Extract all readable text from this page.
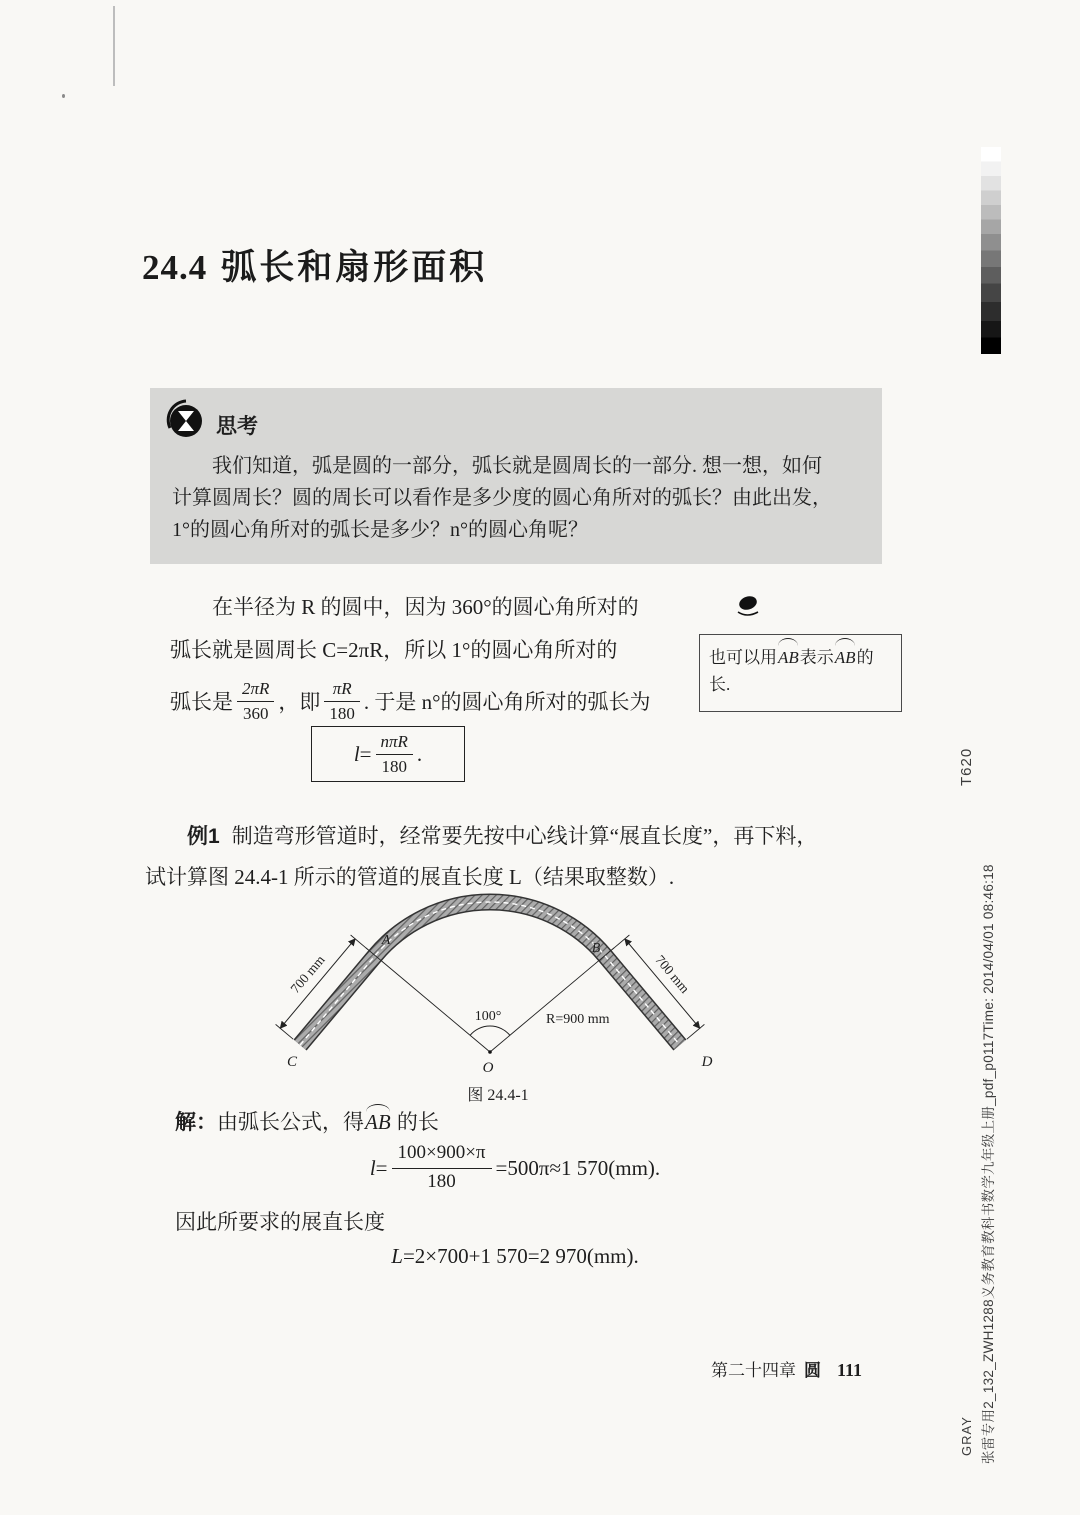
24.4 弧长和扇形面积
思考
我们知道，弧是圆的一部分，弧长就是圆周长的一部分. 想一想，如何计算圆周长？圆的周长可以看作是多少度的圆心角所对的弧长？由此出发，1°的圆心角所对的弧长是多少？n°的圆心角呢？
在半径为 R 的圆中，因为 360°的圆心角所对的
弧长就是圆周长 C=2πR，所以 1°的圆心角所对的
弧长是 $\frac{2\pi R}{360}$ ，即 $\frac{\pi R}{180}$ . 于是 n°的圆心角所对的弧长为
也可以用AB表示AB的长.
$l = \frac{\text{nπR}}{180}$ .
例1 制造弯形管道时，经常要先按中心线计算“展直长度”，再下料，
试计算图 24.4-1 所示的管道的展直长度 L（结果取整数）.
700 mm	700 mm
100°	R=900 mm
A
B
C	D
O
图 24.4-1
解：由弧长公式，得AB 的长
$l = \frac{100\times 900\times\pi}{180} =500\pi\approx 1$ 570(mm).
因此所要求的展直长度
L=2×700+1 570=2 970(mm).
第二十四章 圆 111
T620
张雷专用2_132_ZWH1288义务教育教科书数学九年级上册_pdf_p0117Time: 2014/04/01 08:46:18
GRAY
